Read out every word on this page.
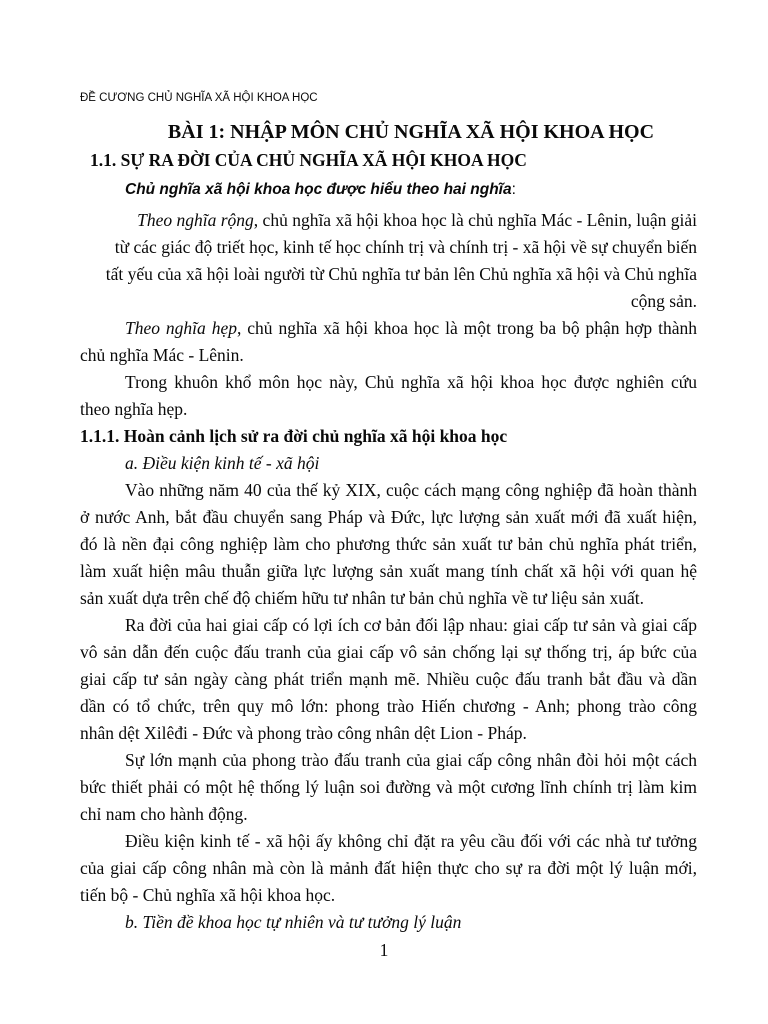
ĐỀ CƯƠNG CHỦ NGHĨA XÃ HỘI KHOA HỌC
BÀI 1: NHẬP MÔN CHỦ NGHĨA XÃ HỘI KHOA HỌC
1.1. SỰ RA ĐỜI CỦA CHỦ NGHĨA XÃ HỘI KHOA HỌC
Chủ nghĩa xã hội khoa học được hiểu theo hai nghĩa:
Theo nghĩa rộng, chủ nghĩa xã hội khoa học là chủ nghĩa Mác - Lênin, luận giải
từ các giác độ triết học, kinh tế học chính trị và chính trị - xã hội về sự chuyển biến
tất yếu của xã hội loài người từ Chủ nghĩa tư bản lên Chủ nghĩa xã hội và Chủ nghĩa
cộng sản.
Theo nghĩa hẹp, chủ nghĩa xã hội khoa học là một trong ba bộ phận hợp thành
chủ nghĩa Mác - Lênin.
Trong khuôn khổ môn học này, Chủ nghĩa xã hội khoa học được nghiên cứu
theo nghĩa hẹp.
1.1.1. Hoàn cảnh lịch sử ra đời chủ nghĩa xã hội khoa học
a. Điều kiện kinh tế - xã hội
Vào những năm 40 của thế kỷ XIX, cuộc cách mạng công nghiệp đã hoàn thành
ở nước Anh, bắt đầu chuyển sang Pháp và Đức, lực lượng sản xuất mới đã xuất hiện,
đó là nền đại công nghiệp làm cho phương thức sản xuất tư bản chủ nghĩa phát triển,
làm xuất hiện mâu thuẫn giữa lực lượng sản xuất mang tính chất xã hội với quan hệ
sản xuất dựa trên chế độ chiếm hữu tư nhân tư bản chủ nghĩa về tư liệu sản xuất.
Ra đời của hai giai cấp có lợi ích cơ bản đối lập nhau: giai cấp tư sản và giai cấp
vô sản dẫn đến cuộc đấu tranh của giai cấp vô sản chống lại sự thống trị, áp bức của
giai cấp tư sản ngày càng phát triển mạnh mẽ. Nhiều cuộc đấu tranh bắt đầu và dần
dần có tổ chức, trên quy mô lớn: phong trào Hiến chương - Anh; phong trào công
nhân dệt Xilêđi - Đức và phong trào công nhân dệt Lion - Pháp.
Sự lớn mạnh của phong trào đấu tranh của giai cấp công nhân đòi hỏi một cách
bức thiết phải có một hệ thống lý luận soi đường và một cương lĩnh chính trị làm kim
chỉ nam cho hành động.
Điều kiện kinh tế - xã hội ấy không chỉ đặt ra yêu cầu đối với các nhà tư tưởng
của giai cấp công nhân mà còn là mảnh đất hiện thực cho sự ra đời một lý luận mới,
tiến bộ - Chủ nghĩa xã hội khoa học.
b. Tiền đề khoa học tự nhiên và tư tưởng lý luận
1
